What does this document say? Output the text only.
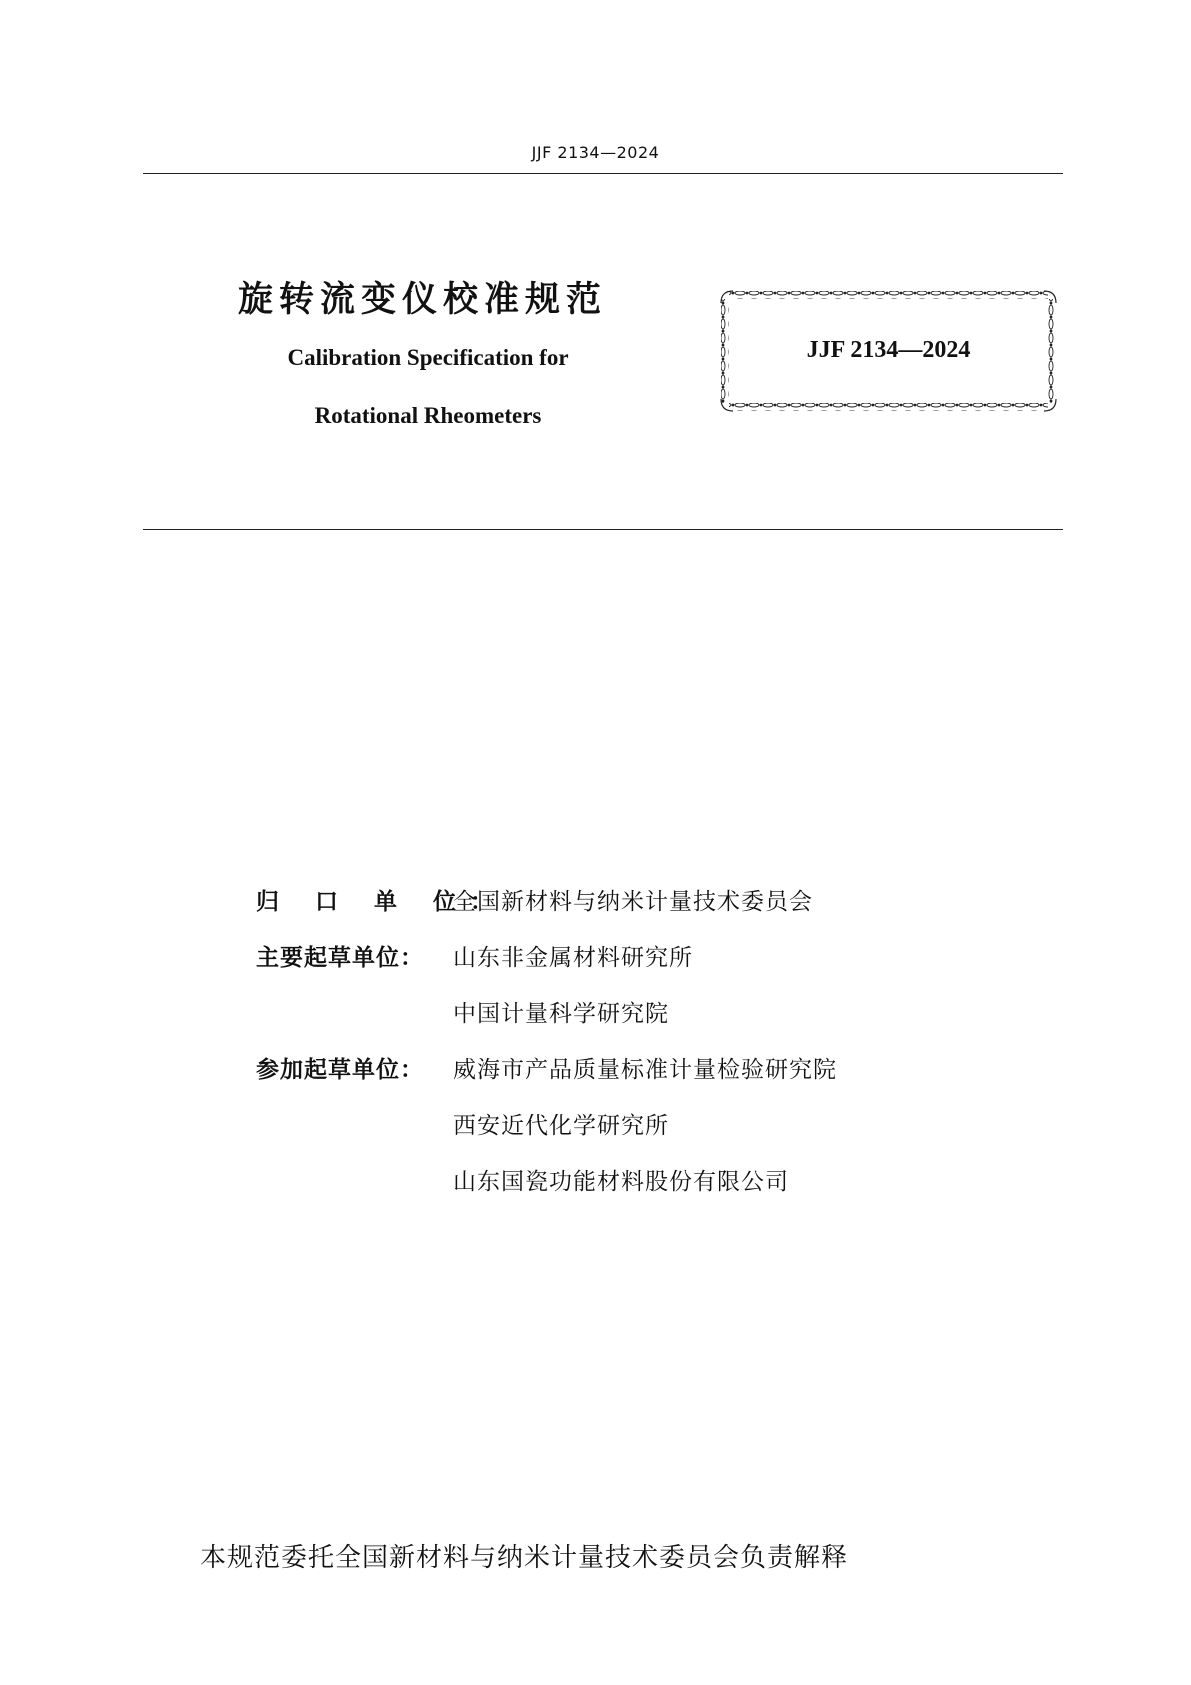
JJF 2134—2024
旋转流变仪校准规范
Calibration Specification for
Rotational Rheometers
JJF 2134—2024
归 口 单 位：
全国新材料与纳米计量技术委员会
主要起草单位： 山东非金属材料研究所
中国计量科学研究院
参加起草单位： 威海市产品质量标准计量检验研究院
西安近代化学研究所
山东国瓷功能材料股份有限公司
本规范委托全国新材料与纳米计量技术委员会负责解释
